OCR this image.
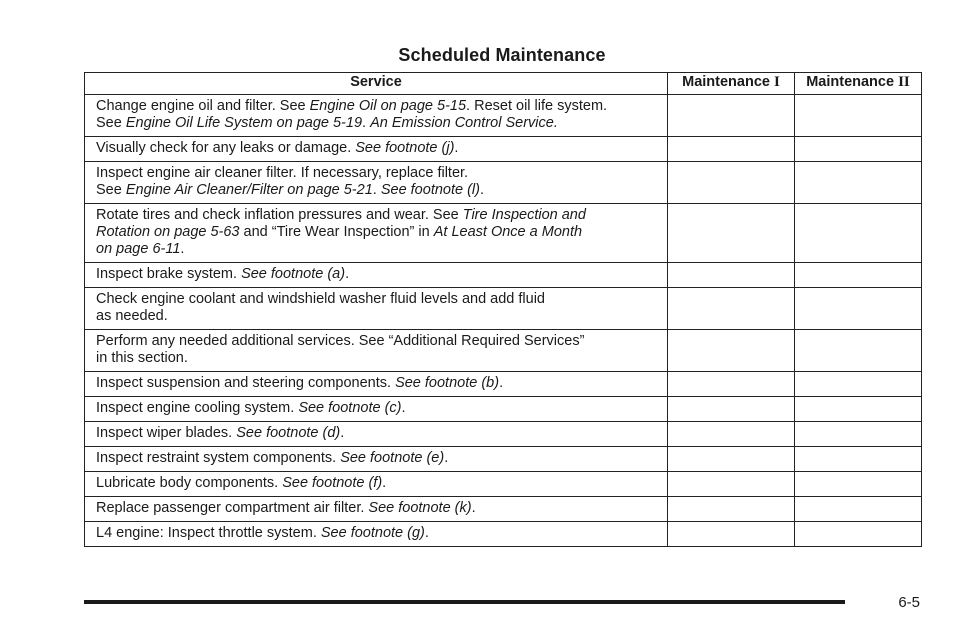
Scheduled Maintenance
Service	Maintenance I	Maintenance II

Change engine oil and filter. See Engine Oil on page 5-15. Reset oil life system.
See Engine Oil Life System on page 5-19. An Emission Control Service.		

Visually check for any leaks or damage. See footnote (j).		

Inspect engine air cleaner filter. If necessary, replace filter.
See Engine Air Cleaner/Filter on page 5-21. See footnote (l).		

Rotate tires and check inflation pressures and wear. See Tire Inspection and
Rotation on page 5-63 and “Tire Wear Inspection” in At Least Once a Month
on page 6-11.		

Inspect brake system. See footnote (a).		

Check engine coolant and windshield washer fluid levels and add fluid
as needed.		

Perform any needed additional services. See “Additional Required Services”
in this section.		

Inspect suspension and steering components. See footnote (b).		

Inspect engine cooling system. See footnote (c).		

Inspect wiper blades. See footnote (d).		

Inspect restraint system components. See footnote (e).		

Lubricate body components. See footnote (f).		

Replace passenger compartment air filter. See footnote (k).		

L4 engine: Inspect throttle system. See footnote (g).		

6-5
